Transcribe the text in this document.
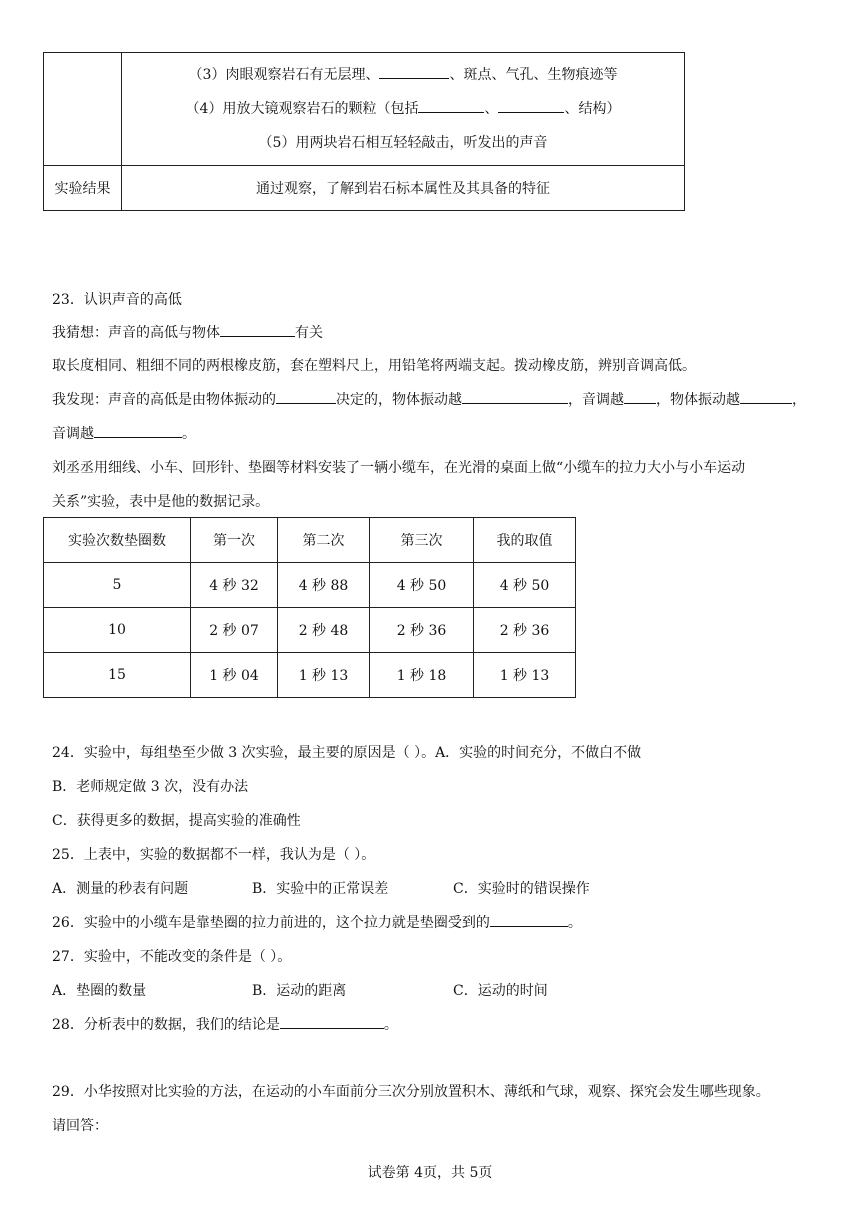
	（3）肉眼观察岩石有无层理、 、斑点、气孔、生物痕迹等
（4）用放大镜观察岩石的颗粒（包括 、 、结构）
（5）用两块岩石相互轻轻敲击，听发出的声音

实验结果	通过观察，了解到岩石标本属性及其具备的特征
23．认识声音的高低
我猜想：声音的高低与物体	有关
取长度相同、粗细不同的两根橡皮筋，套在塑料尺上，用铅笔将两端支起。拨动橡皮筋，辨别音调高低。
我发现：声音的高低是由物体振动的	决定的，物体振动越	，音调越 ，物体振动越	，
音调越	。
刘丞丞用细线、小车、回形针、垫圈等材料安装了一辆小缆车，在光滑的桌面上做“小缆车的拉力大小与小车运动
关系”实验，表中是他的数据记录。
实验次数垫圈数	第一次	第二次	第三次	我的取值
5	4 秒 32	4 秒 88	4 秒 50	4 秒 50
10	2 秒 07	2 秒 48	2 秒 36	2 秒 36
15	1 秒 04	1 秒 13	1 秒 18	1 秒 13
24．实验中，每组垫至少做 3 次实验，最主要的原因是（ ）。A．实验的时间充分，不做白不做
B．老师规定做 3 次，没有办法
C．获得更多的数据，提高实验的准确性
25．上表中，实验的数据都不一样，我认为是（ ）。
A．测量的秒表有问题	B．实验中的正常误差	C．实验时的错误操作
26．实验中的小缆车是靠垫圈的拉力前进的，这个拉力就是垫圈受到的	。
27．实验中，不能改变的条件是（ ）。
A．垫圈的数量	B．运动的距离	C．运动的时间
28．分析表中的数据，我们的结论是	。
29．小华按照对比实验的方法，在运动的小车面前分三次分别放置积木、薄纸和气球，观察、探究会发生哪些现象。
请回答：
试卷第 4页，共 5页
